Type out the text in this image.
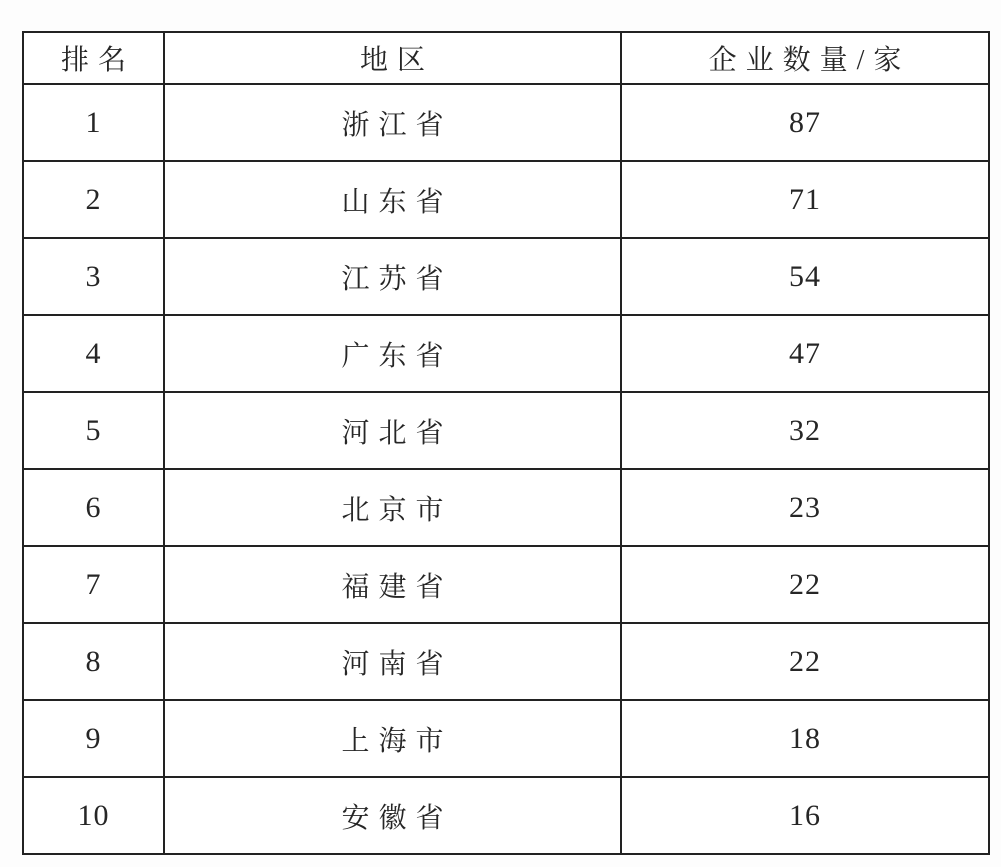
排名	地区	企业数量/家
1	浙江省	87
2	山东省	71
3	江苏省	54
4	广东省	47
5	河北省	32
6	北京市	23
7	福建省	22
8	河南省	22
9	上海市	18
10	安徽省	16
